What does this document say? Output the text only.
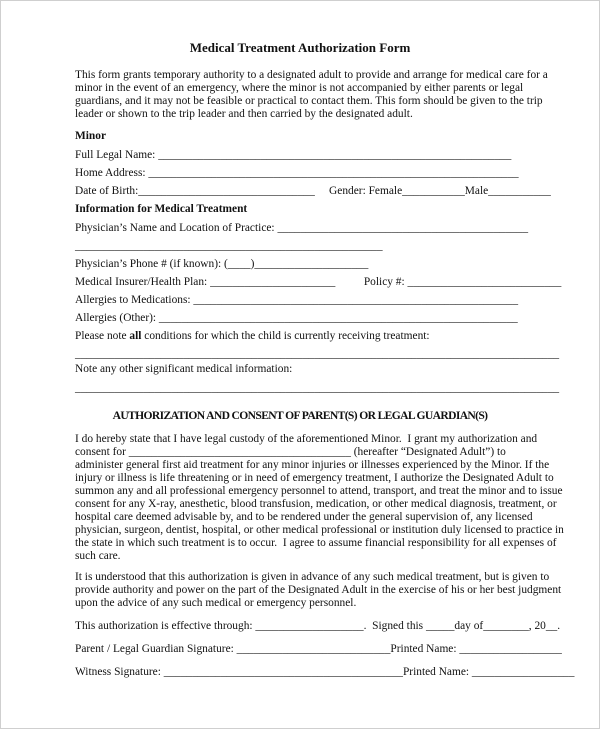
Medical Treatment Authorization Form
This form grants temporary authority to a designated adult to provide and arrange for medical care for a
minor in the event of an emergency, where the minor is not accompanied by either parents or legal
guardians, and it may not be feasible or practical to contact them. This form should be given to the trip
leader or shown to the trip leader and then carried by the designated adult.
Minor
Full Legal Name: ______________________________________________________________
Home Address: _________________________________________________________________
Date of Birth:_______________________________     Gender: Female___________Male___________
Information for Medical Treatment
Physician’s Name and Location of Practice: ____________________________________________
______________________________________________________
Physician’s Phone # (if known): (____)____________________
Medical Insurer/Health Plan: ______________________          Policy #: ___________________________
Allergies to Medications: _________________________________________________________
Allergies (Other): _______________________________________________________________
Please note all conditions for which the child is currently receiving treatment:
_____________________________________________________________________________________
Note any other significant medical information:
_____________________________________________________________________________________
AUTHORIZATION AND CONSENT OF PARENT(S) OR LEGAL GUARDIAN(S)
I do hereby state that I have legal custody of the aforementioned Minor.  I grant my authorization and
consent for _______________________________________ (hereafter “Designated Adult”) to
administer general first aid treatment for any minor injuries or illnesses experienced by the Minor. If the
injury or illness is life threatening or in need of emergency treatment, I authorize the Designated Adult to
summon any and all professional emergency personnel to attend, transport, and treat the minor and to issue
consent for any X-ray, anesthetic, blood transfusion, medication, or other medical diagnosis, treatment, or
hospital care deemed advisable by, and to be rendered under the general supervision of, any licensed
physician, surgeon, dentist, hospital, or other medical professional or institution duly licensed to practice in
the state in which such treatment is to occur.  I agree to assume financial responsibility for all expenses of
such care.
It is understood that this authorization is given in advance of any such medical treatment, but is given to
provide authority and power on the part of the Designated Adult in the exercise of his or her best judgment
upon the advice of any such medical or emergency personnel.
This authorization is effective through: ___________________.  Signed this _____day of________, 20__.
Parent / Legal Guardian Signature: ___________________________Printed Name: __________________
Witness Signature: __________________________________________Printed Name: __________________
